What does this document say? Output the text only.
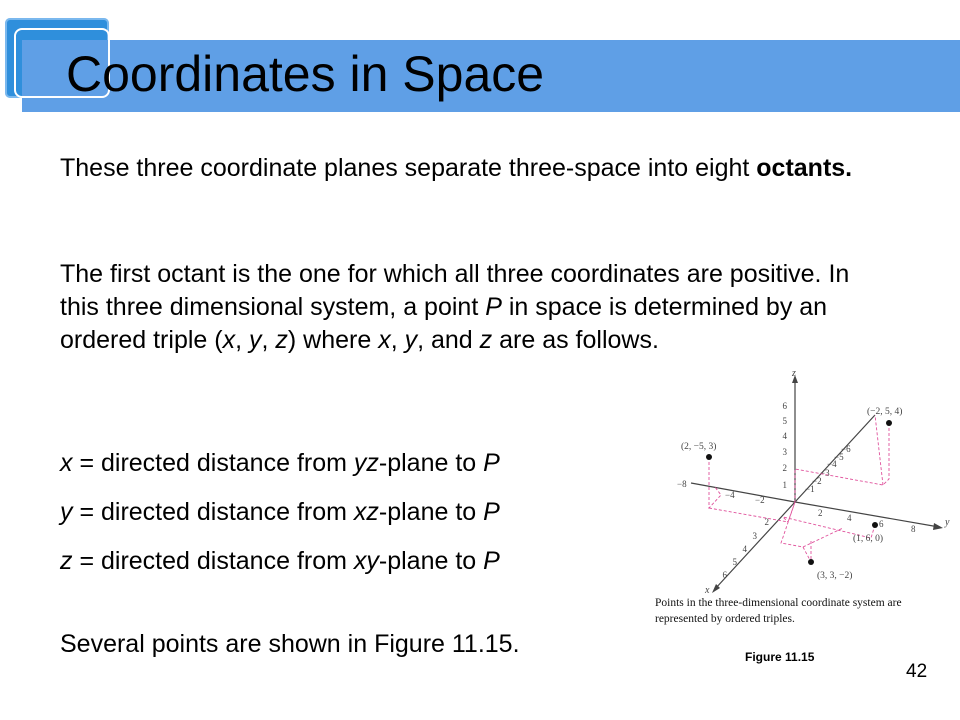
Coordinates in Space

These three coordinate planes separate three-space into eight octants.

The first octant is the one for which all three coordinates are positive. In this three dimensional system, a point P in space is determined by an ordered triple (x, y, z) where x, y, and z are as follows.

x = directed distance from yz-plane to P
y = directed distance from xz-plane to P
z = directed distance from xy-plane to P

Several points are shown in Figure 11.15.

z
y
x
6
5
4
3
2
1
8
6
4
2
−2
−4
−8	−1
−2
−3
−4
−5
−6
2
3
4
5
6
(−2, 5, 4)
(2, −5, 3)
(1, 6, 0)
(3, 3, −2)
Points in the three-dimensional coordinate system are represented by ordered triples.
Figure 11.15
42
